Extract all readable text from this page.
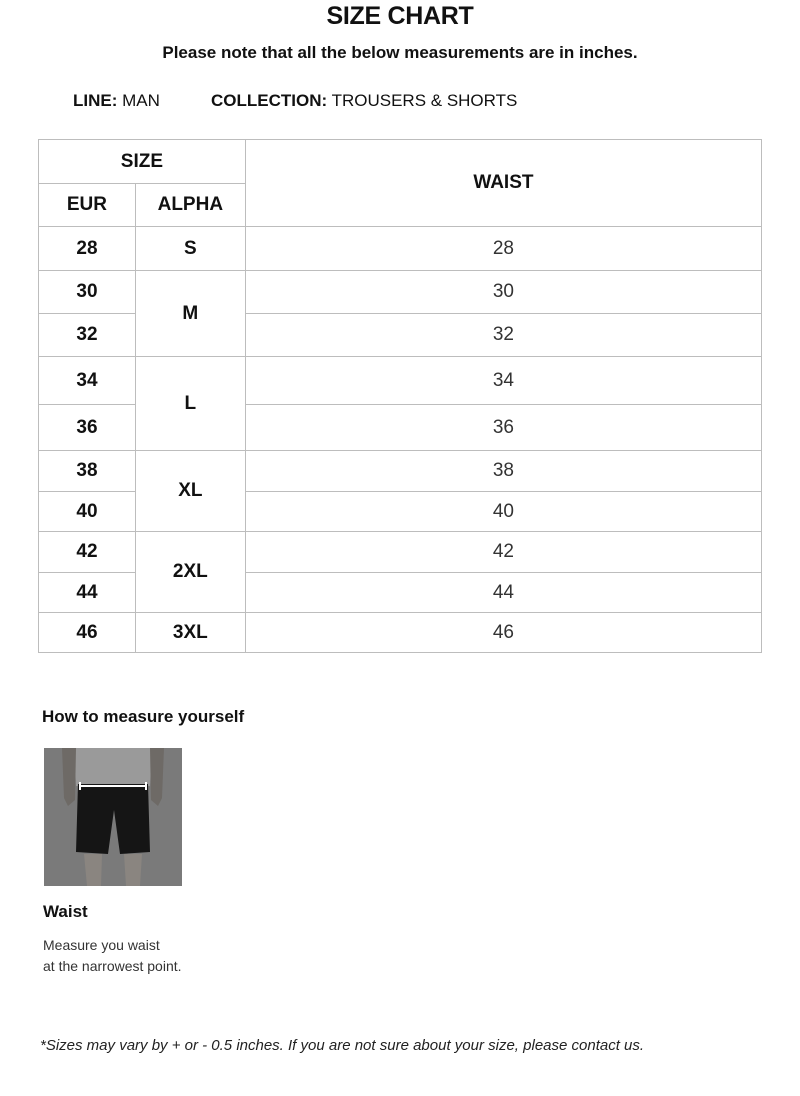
SIZE CHART
Please note that all the below measurements are in inches.
LINE: MAN	COLLECTION: TROUSERS & SHORTS
SIZE		WAIST
EUR	ALPHA	
28	S	28
30	M	30
32		32
34	L	34
36		36
38	XL	38
40		40
42	2XL	42
44		44
46	3XL	46
How to measure yourself
Waist
Measure you waist
at the narrowest point.
*Sizes may vary by + or - 0.5 inches. If you are not sure about your size, please contact us.
